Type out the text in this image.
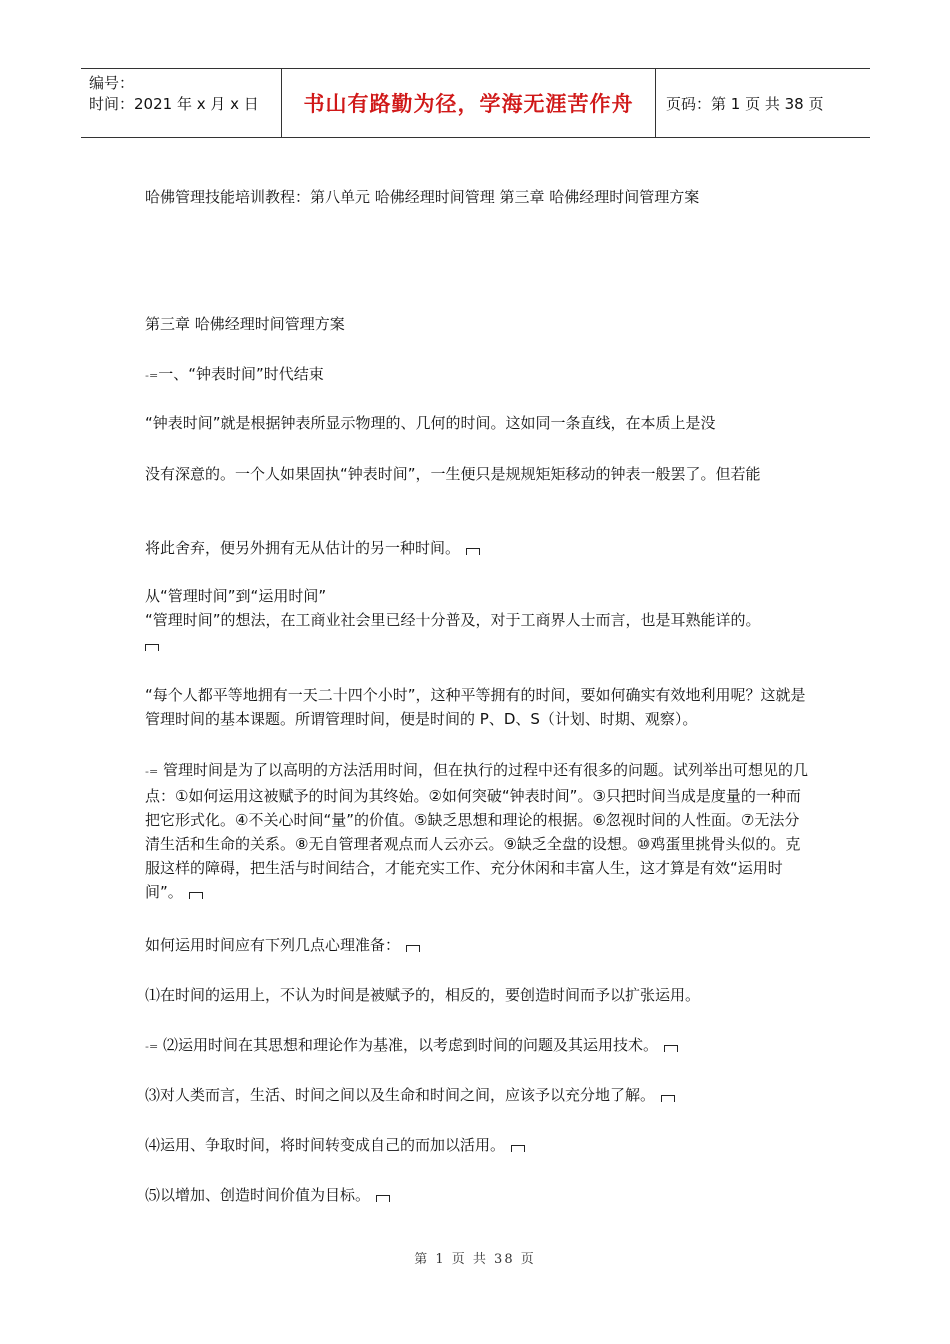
编号：
时间：2021 年 x 月 x 日	书山有路勤为径，学海无涯苦作舟	页码：第 1 页 共 38 页
哈佛管理技能培训教程：第八单元 哈佛经理时间管理 第三章 哈佛经理时间管理方案
第三章 哈佛经理时间管理方案
-=一、“钟表时间”时代结束
“钟表时间”就是根据钟表所显示物理的、几何的时间。这如同一条直线，在本质上是没
没有深意的。一个人如果固执“钟表时间”，一生便只是规规矩矩移动的钟表一般罢了。但若能
将此舍弃，便另外拥有无从估计的另一种时间。
从“管理时间”到“运用时间”
“管理时间”的想法，在工商业社会里已经十分普及，对于工商界人士而言，也是耳熟能详的。

“每个人都平等地拥有一天二十四个小时”，这种平等拥有的时间，要如何确实有效地利用呢？这就是管理时间的基本课题。所谓管理时间，便是时间的 P、D、S（计划、时期、观察）。
-= 管理时间是为了以高明的方法活用时间，但在执行的过程中还有很多的问题。试列举出可想见的几点：①如何运用这被赋予的时间为其终始。②如何突破“钟表时间”。③只把时间当成是度量的一种而把它形式化。④不关心时间“量”的价值。⑤缺乏思想和理论的根据。⑥忽视时间的人性面。⑦无法分清生活和生命的关系。⑧无自管理者观点而人云亦云。⑨缺乏全盘的设想。⑩鸡蛋里挑骨头似的。克服这样的障碍，把生活与时间结合，才能充实工作、充分休闲和丰富人生，这才算是有效“运用时间”。
如何运用时间应有下列几点心理准备：
⑴在时间的运用上，不认为时间是被赋予的，相反的，要创造时间而予以扩张运用。
-= ⑵运用时间在其思想和理论作为基准，以考虑到时间的问题及其运用技术。
⑶对人类而言，生活、时间之间以及生命和时间之间，应该予以充分地了解。
⑷运用、争取时间，将时间转变成自己的而加以活用。
⑸以增加、创造时间价值为目标。
第 1 页 共 38 页
